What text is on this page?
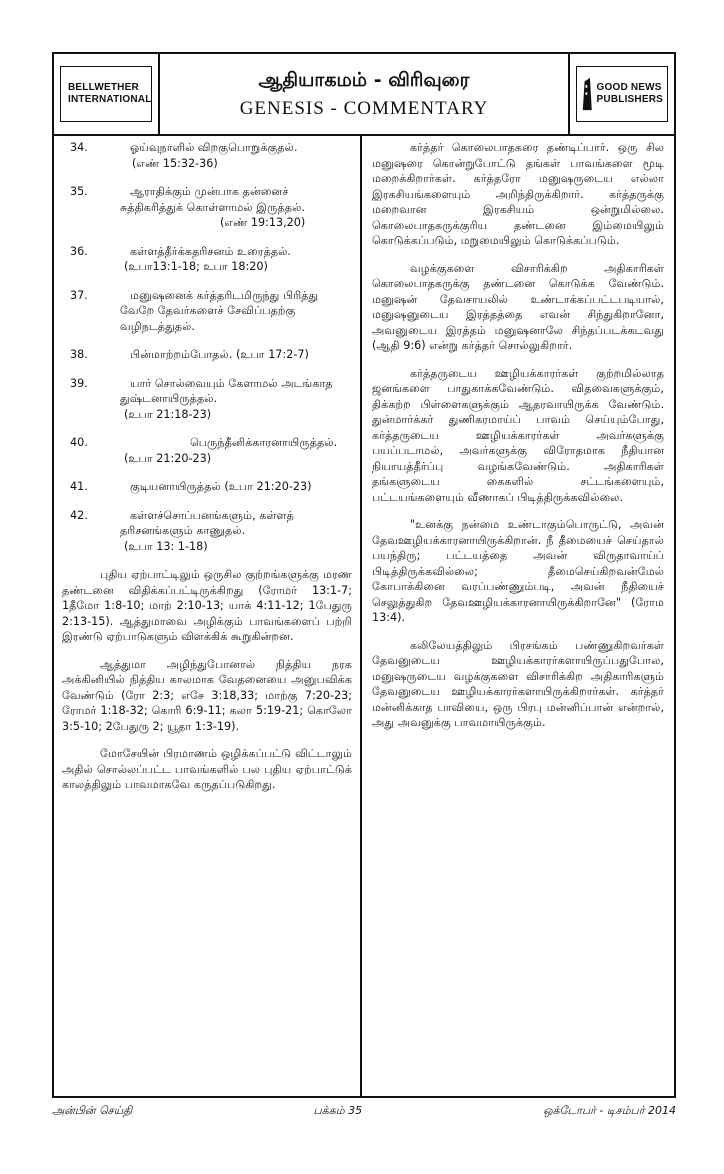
BELLWETHER
INTERNATIONAL
ஆதியாகமம் - விரிவுரை
GENESIS - COMMENTARY
GOOD NEWS
PUBLISHERS
34.	ஓய்வுநாளில் விறகுபொறுக்குதல்.
(எண் 15:32-36)
35.	ஆராதிக்கும் முன்பாக தன்னைச் சுத்திகரித்துக் கொள்ளாமல் இருத்தல்.
(எண் 19:13,20)
36.	கள்ளத்தீர்க்கதரிசனம் உரைத்தல்.
(உபா13:1-18; உபா 18:20)
37.	மனுஷனைக் கர்த்தரிடமிருந்து பிரித்து வேறே தேவர்களைச் சேவிப்பதற்கு வழிநடத்துதல்.
38.	பின்மாற்றம்போதல். (உபா 17:2-7)
39.	யார் சொல்வையும் கேளாமல் அடங்காத துஷ்டனாயிருத்தல்.
(உபா 21:18-23)
40.	பெருந்தீனிக்காரனாயிருத்தல்.
(உபா 21:20-23)
41.	குடியனாயிருத்தல் (உபா 21:20-23)
42.	கள்ளச்சொப்பனங்களும், கள்ளத் தரிசனங்களும் காணுதல்.
(உபா 13: 1-18)
புதிய ஏற்பாட்டிலும் ஒருசில குற்றங்களுக்கு மரண தண்டனை விதிக்கப்பட்டிருக்கிறது (ரோமர் 13:1-7; 1தீமோ 1:8-10; மாற் 2:10-13; யாக் 4:11-12; 1பேதுரு 2:13-15). ஆத்துமாவை அழிக்கும் பாவங்களைப் பற்றி இரண்டு ஏற்பாடுகளும் விளக்கிக் கூறுகின்றன.
ஆத்துமா அழிந்துபோனால் நித்திய நரக அக்கினியில் நித்திய காலமாக வேதனையை அனுபவிக்க வேண்டும் (ரோ 2:3; எசே 3:18,33; மாற்கு 7:20-23; ரோமர் 1:18-32; கொரி 6:9-11; கலா 5:19-21; கொலோ 3:5-10; 2பேதுரு 2; யூதா 1:3-19).
மோசேயின் பிரமாணம் ஒழிக்கப்பட்டு விட்டாலும் அதில் சொல்லப்பட்ட பாவங்களில் பல புதிய ஏற்பாட்டுக் காலத்திலும் பாவமாகவே கருதப்படுகிறது.
கர்த்தர் கொலைபாதகரை தண்டிப்பார். ஒரு சில மனுஷரை கொன்றுபோட்டு தங்கள் பாவங்களை மூடி மறைக்கிறார்கள். கர்த்தரோ மனுஷருடைய எல்லா இரகசியங்களையும் அறிந்திருக்கிறார். கர்த்தருக்கு மறைவான இரகசியம் ஒன்றுமில்லை. கொலைபாதகருக்குரிய தண்டனை இம்மையிலும் கொடுக்கப்படும், மறுமையிலும் கொடுக்கப்படும்.
வழக்குகளை விசாரிக்கிற அதிகாரிகள் கொலைபாதகருக்கு தண்டனை கொடுக்க வேண்டும். மனுஷன் தேவசாயலில் உண்டாக்கப்பட்டபடியால், மனுஷனுடைய இரத்தத்தை எவன் சிந்துகிறானோ, அவனுடைய இரத்தம் மனுஷனாலே சிந்தப்படக்கடவது (ஆதி 9:6) என்று கர்த்தர் சொல்லுகிறார்.
கர்த்தருடைய ஊழியக்காரர்கள் குற்றமில்லாத ஜனங்களை பாதுகாக்கவேண்டும். விதவைகளுக்கும், திக்கற்ற பிள்ளைகளுக்கும் ஆதரவாயிருக்க வேண்டும். துன்மார்க்கர் துணிகரமாய்ப் பாவம் செய்யும்போது, கர்த்தருடைய ஊழியக்காரர்கள் அவர்களுக்கு பயப்படாமல், அவர்களுக்கு விரோதமாக நீதியான நியாயத்தீர்ப்பு வழங்கவேண்டும். அதிகாரிகள் தங்களுடைய கைகளில் சட்டங்களையும், பட்டயங்களையும் வீணாகப் பிடித்திருக்கவில்லை.
"உனக்கு நன்மை உண்டாகும்பொருட்டு, அவன் தேவஊழியக்காரனாயிருக்கிறான். நீ தீமையைச் செய்தால் பயந்திரு; பட்டயத்தை அவன் விருதாவாய்ப் பிடித்திருக்கவில்லை; தீமைசெய்கிறவன்மேல் கோபாக்கினை வரப்பண்ணும்படி, அவன் நீதியைச் செலுத்துகிற தேவஊழியக்காரனாயிருக்கிறானே" (ரோம 13:4).
கலிலேயத்திலும் பிரசங்கம் பண்ணுகிறவர்கள் தேவனுடைய ஊழியக்காரர்களாயிருப்பதுபோல, மனுஷருடைய வழக்குகளை விசாரிக்கிற அதிகாரிகளும் தேவனுடைய ஊழியக்காரர்களாயிருக்கிறார்கள். கர்த்தர் மன்னிக்காத பாவியை, ஒரு பிரபு மன்னிப்பான் என்றால், அது அவனுக்கு பாவமாயிருக்கும்.
அன்பின் செய்தி	பக்கம் 35	ஒக்டோபர் - டிசம்பர் 2014
